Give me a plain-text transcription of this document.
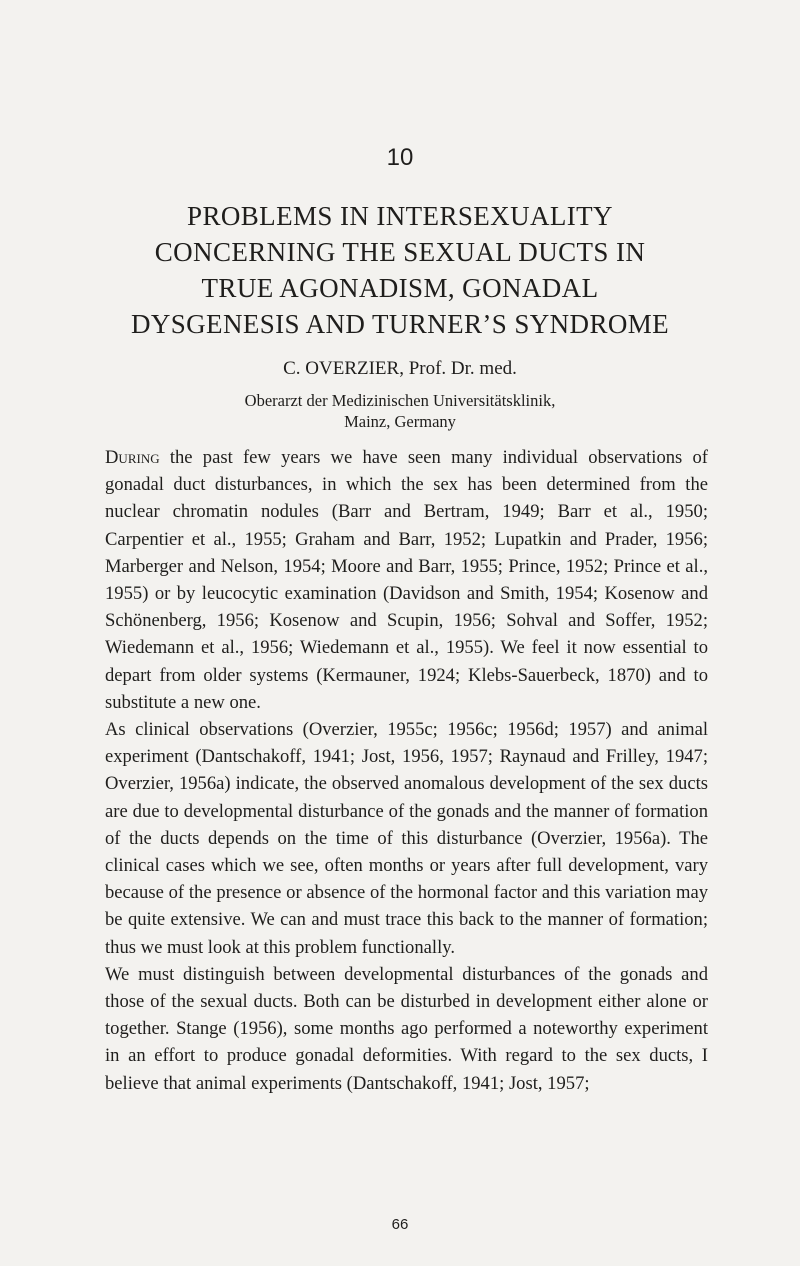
10
PROBLEMS IN INTERSEXUALITY
CONCERNING THE SEXUAL DUCTS IN
TRUE AGONADISM, GONADAL
DYSGENESIS AND TURNER’S SYNDROME
C. OVERZIER, Prof. Dr. med.
Oberarzt der Medizinischen Universitätsklinik,
Mainz, Germany

During the past few years we have seen many individual observations of gonadal duct disturbances, in which the sex has been determined from the nuclear chromatin nodules (Barr and Bertram, 1949; Barr et al., 1950; Carpentier et al., 1955; Graham and Barr, 1952; Lupatkin and Prader, 1956; Marberger and Nelson, 1954; Moore and Barr, 1955; Prince, 1952; Prince et al., 1955) or by leucocytic examination (Davidson and Smith, 1954; Kosenow and Schönenberg, 1956; Kosenow and Scupin, 1956; Sohval and Soffer, 1952; Wiedemann et al., 1956; Wiedemann et al., 1955). We feel it now essential to depart from older systems (Kermauner, 1924; Klebs-Sauerbeck, 1870) and to substitute a new one.

As clinical observations (Overzier, 1955c; 1956c; 1956d; 1957) and animal experiment (Dantschakoff, 1941; Jost, 1956, 1957; Raynaud and Frilley, 1947; Overzier, 1956a) indicate, the observed anomalous development of the sex ducts are due to developmental disturbance of the gonads and the manner of formation of the ducts depends on the time of this disturbance (Overzier, 1956a). The clinical cases which we see, often months or years after full development, vary because of the presence or absence of the hormonal factor and this variation may be quite extensive. We can and must trace this back to the manner of formation; thus we must look at this problem functionally.

We must distinguish between developmental disturbances of the gonads and those of the sexual ducts. Both can be disturbed in development either alone or together. Stange (1956), some months ago performed a noteworthy experiment in an effort to produce gonadal deformities. With regard to the sex ducts, I believe that animal experiments (Dantschakoff, 1941; Jost, 1957;

66
